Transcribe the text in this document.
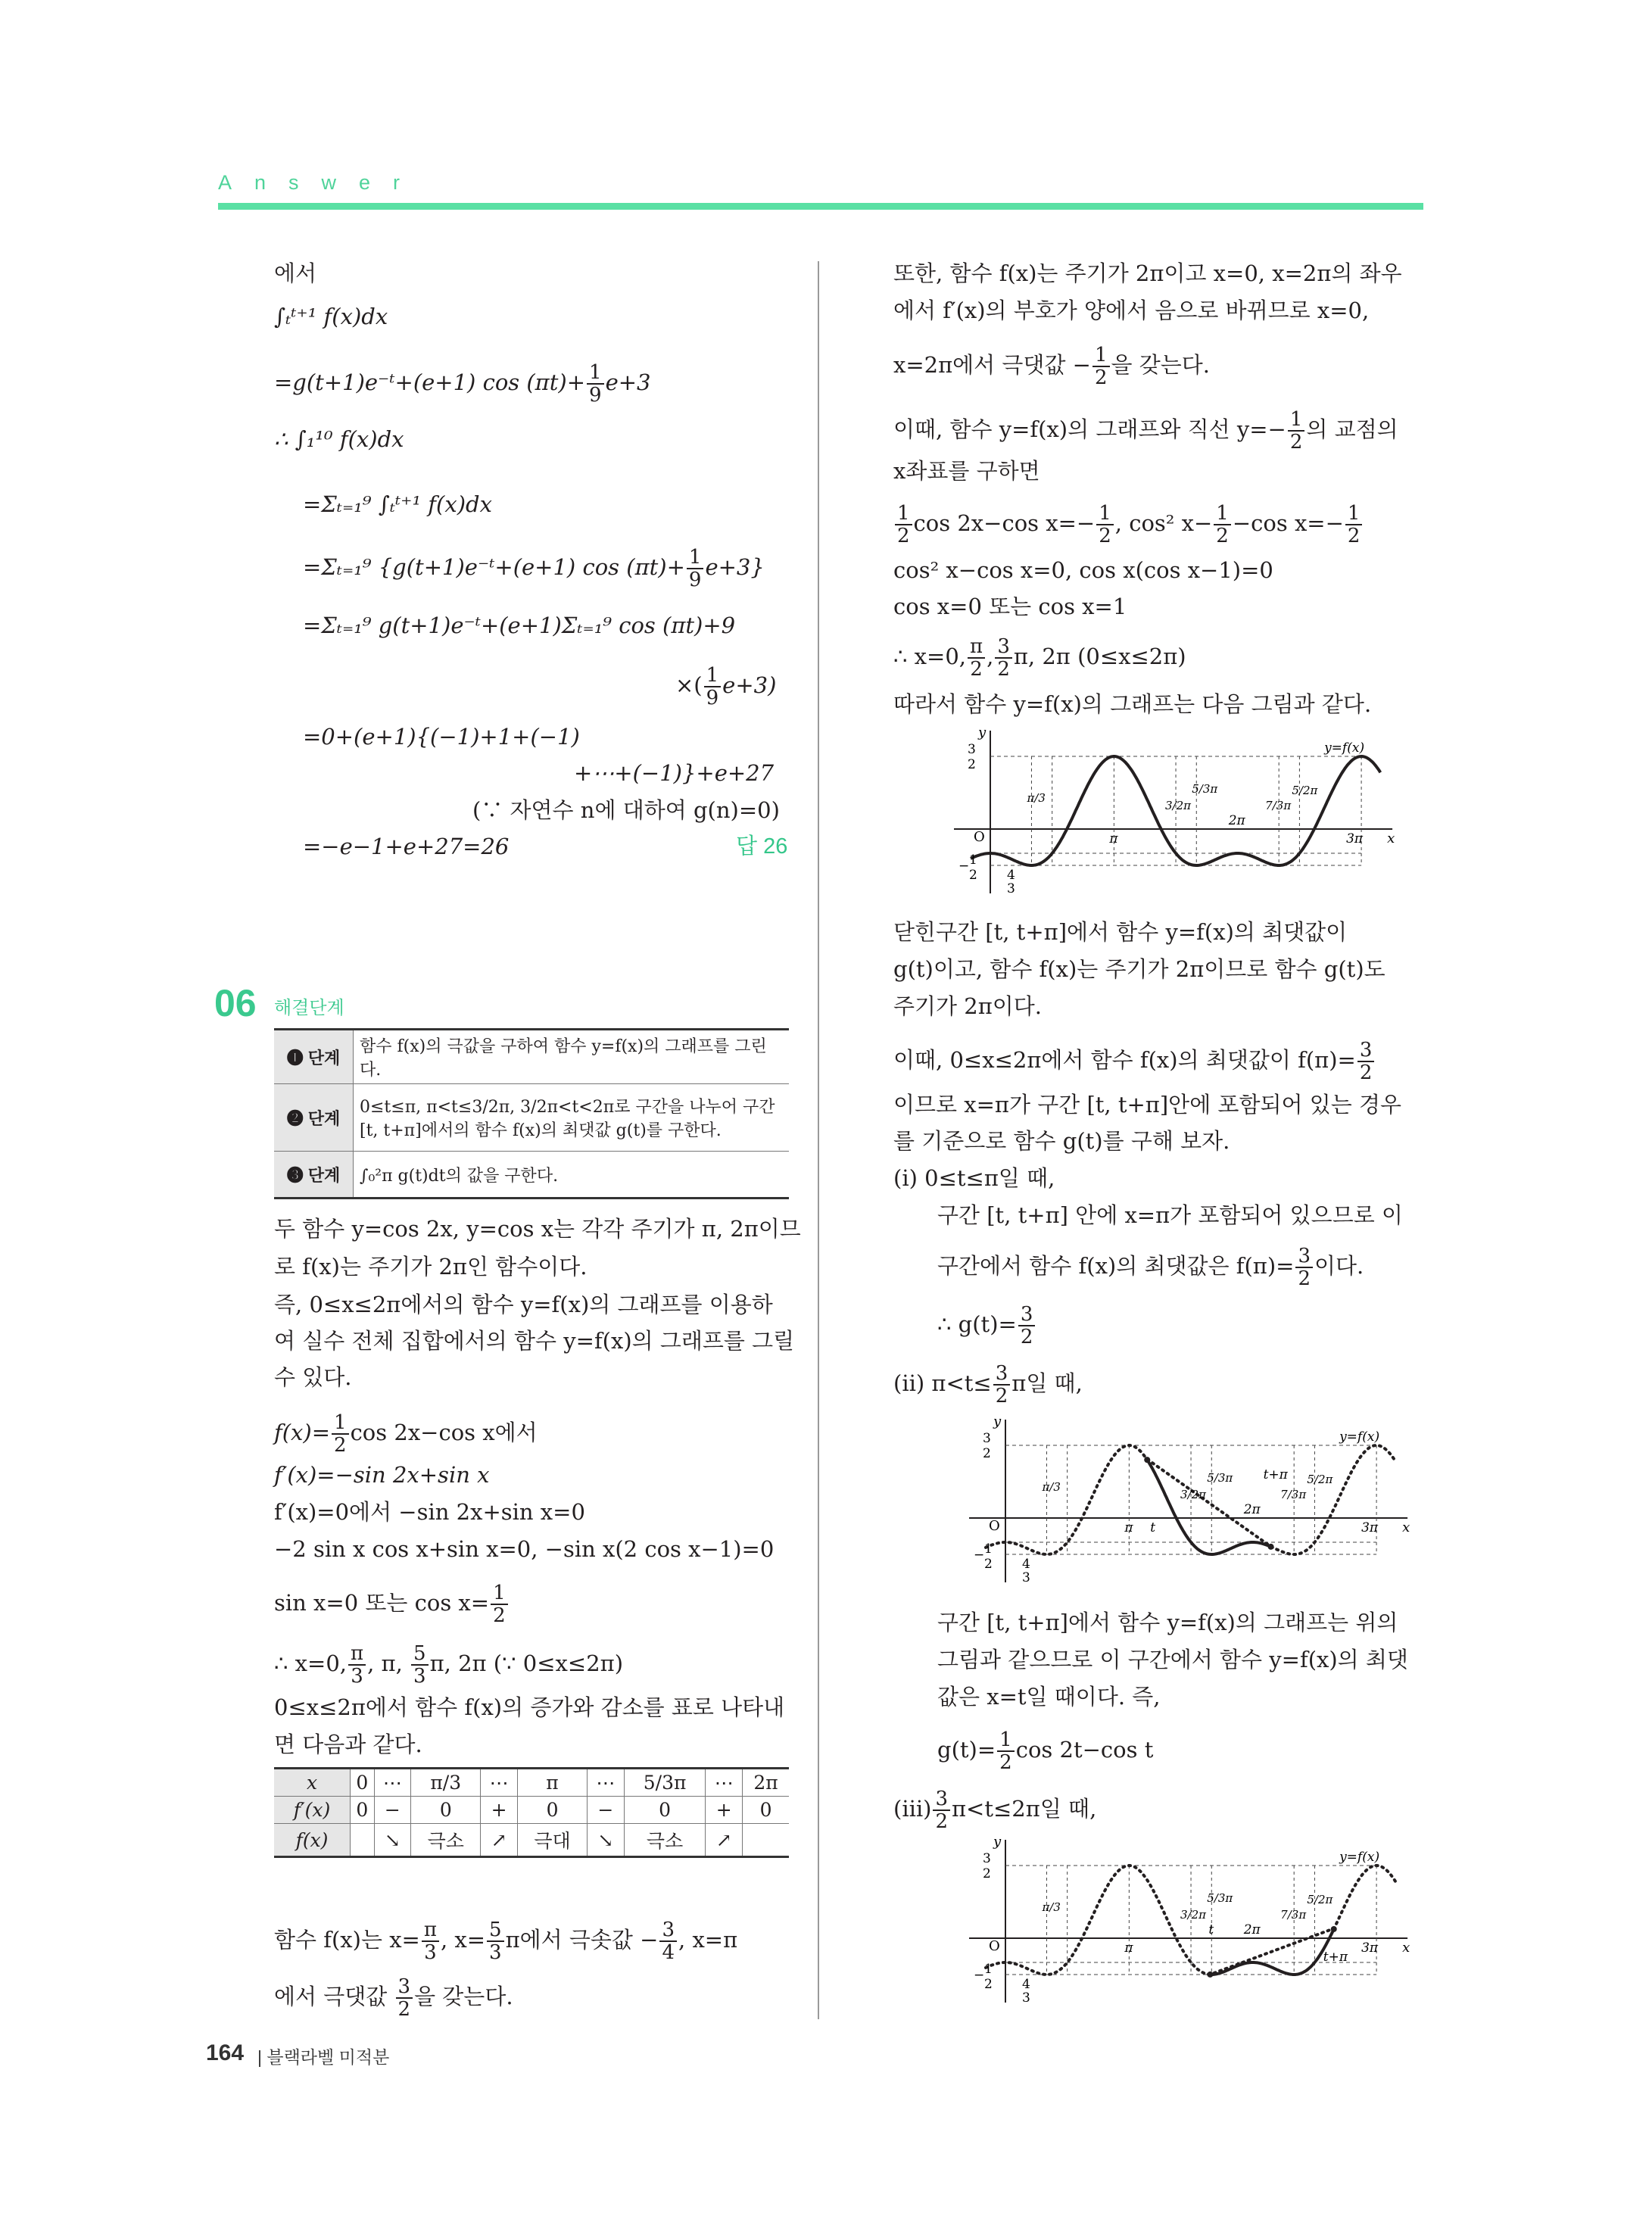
Answer
에서
∫ₜᵗ⁺¹ f(x)dx
=g(t+1)e⁻ᵗ+(e+1) $\cos (\pi t)+ \frac{1}{9} e+3$
∴ ∫₁¹⁰ f(x)dx
=Σₜ₌₁⁹ ∫ₜᵗ⁺¹ f(x)dx
=Σₜ₌₁⁹ {g(t+1)e⁻ᵗ+(e+1) $\cos (\pi t)+ \frac{1}{9} e+3$}
=Σₜ₌₁⁹ g(t+1)e⁻ᵗ+(e+1)Σₜ₌₁⁹ cos (πt)+9
×( $\frac{1}{9} e+3$)
=0+(e+1){(−1)+1+(−1)
+⋯+(−1)}+e+27
(∵ 자연수 n에 대하여 g(n)=0)
=−e−1+e+27=26	답 26
06 해결단계
❶ 단계	함수 f(x)의 극값을 구하여 함수 y=f(x)의 그래프를 그린다.
❷ 단계	0≤t≤π, π<t≤3/2π, 3/2π<t<2π로 구간을 나누어 구간 [t, t+π]에서의 함수 f(x)의 최댓값 g(t)를 구한다.
❸ 단계	∫₀²π g(t)dt의 값을 구한다.
두 함수 y=cos 2x, y=cos x는 각각 주기가 π, 2π이므
로 f(x)는 주기가 2π인 함수이다.
즉, 0≤x≤2π에서의 함수 y=f(x)의 그래프를 이용하
여 실수 전체 집합에서의 함수 y=f(x)의 그래프를 그릴
수 있다.
$f(x)= \frac{1}{2}$ cos 2x−cos x에서
f′(x)=−sin 2x+sin x
f′(x)=0에서 −sin 2x+sin x=0
−2 sin x cos x+sin x=0, −sin x(2 cos x−1)=0
sin x=0 또는 $\cos x= \frac{1}{2}$
∴ x=0, $\frac{\pi}{3}$ , π, $\frac{5}{3} \pi$, 2π (∵ 0≤x≤2π)
0≤x≤2π에서 함수 f(x)의 증가와 감소를 표로 나타내
면 다음과 같다.
함수 f(x)는 $x= \frac{\pi}{3}$ , $x= \frac{5}{3}$ π에서 극솟값 − $\frac{3}{4}$ , x=π
에서 극댓값 $\frac{3}{2}$ 을 갖는다.
x	0	⋯	π/3	⋯	π	⋯	5/3π	⋯	2π
f′(x)	0	−	0	+	0	−	0	+	0
f(x)		↘	극소	↗	극대	↘	극소	↗	
또한, 함수 f(x)는 주기가 2π이고 x=0, x=2π의 좌우
에서 f′(x)의 부호가 양에서 음으로 바뀌므로 x=0,
x=2π에서 극댓값 − $\frac{1}{2}$ 을 갖는다.
이때, 함수 y=f(x)의 그래프와 직선 $y=- \frac{1}{2}$ 의 교점의
x좌표를 구하면
$\frac{1}{2}$ cos 2x−cos $x=- \frac{1}{2}$ , cos² $x- \frac{1}{2} -\cos$ $x=- \frac{1}{2}$
cos² x−cos x=0, cos x(cos x−1)=0
cos x=0 또는 cos x=1
∴ x=0, $\frac{\pi}{2}$ , $\frac{3}{2} \pi$, 2π (0≤x≤2π)
따라서 함수 y=f(x)의 그래프는 다음 그림과 같다.
닫힌구간 [t, t+π]에서 함수 y=f(x)의 최댓값이
g(t)이고, 함수 f(x)는 주기가 2π이므로 함수 g(t)도
주기가 2π이다.
이때, 0≤x≤2π에서 함수 f(x)의 최댓값이 $f(\pi)= \frac{3}{2}$
이므로 x=π가 구간 [t, t+π]안에 포함되어 있는 경우
를 기준으로 함수 g(t)를 구해 보자.
(ⅰ) 0≤t≤π일 때,
구간 [t, t+π] 안에 x=π가 포함되어 있으므로 이
구간에서 함수 f(x)의 최댓값은 $f(\pi)= \frac{3}{2}$ 이다.
∴ $g(t)= \frac{3}{2}$
(ⅱ) $\pi<t\le \frac{3}{2}$ π일 때,
구간 [t, t+π]에서 함수 y=f(x)의 그래프는 위의
그림과 같으므로 이 구간에서 함수 y=f(x)의 최댓
값은 x=t일 때이다. 즉,
$g(t)= \frac{1}{2}$ cos 2t−cos t
(ⅲ) $\frac{3}{2} \pi<t\le 2\pi$일 때,
y
x
O
3
2
− 1
2 4
3
π
2π
3π
π/3
3/2π
5/3π
7/3π
5/2π
y=f(x)
y
x
O
3
2
− 1
2 4
3
π
2π
3π
π/3
3/2π
5/3π
7/3π
5/2π
y=f(x)
t
t+π
y
x
O
3
2
− 1
2 4
3
π
2π
3π
π/3
3/2π
5/3π
7/3π
5/2π
y=f(x)
t
t+π
164 | 블랙라벨 미적분
